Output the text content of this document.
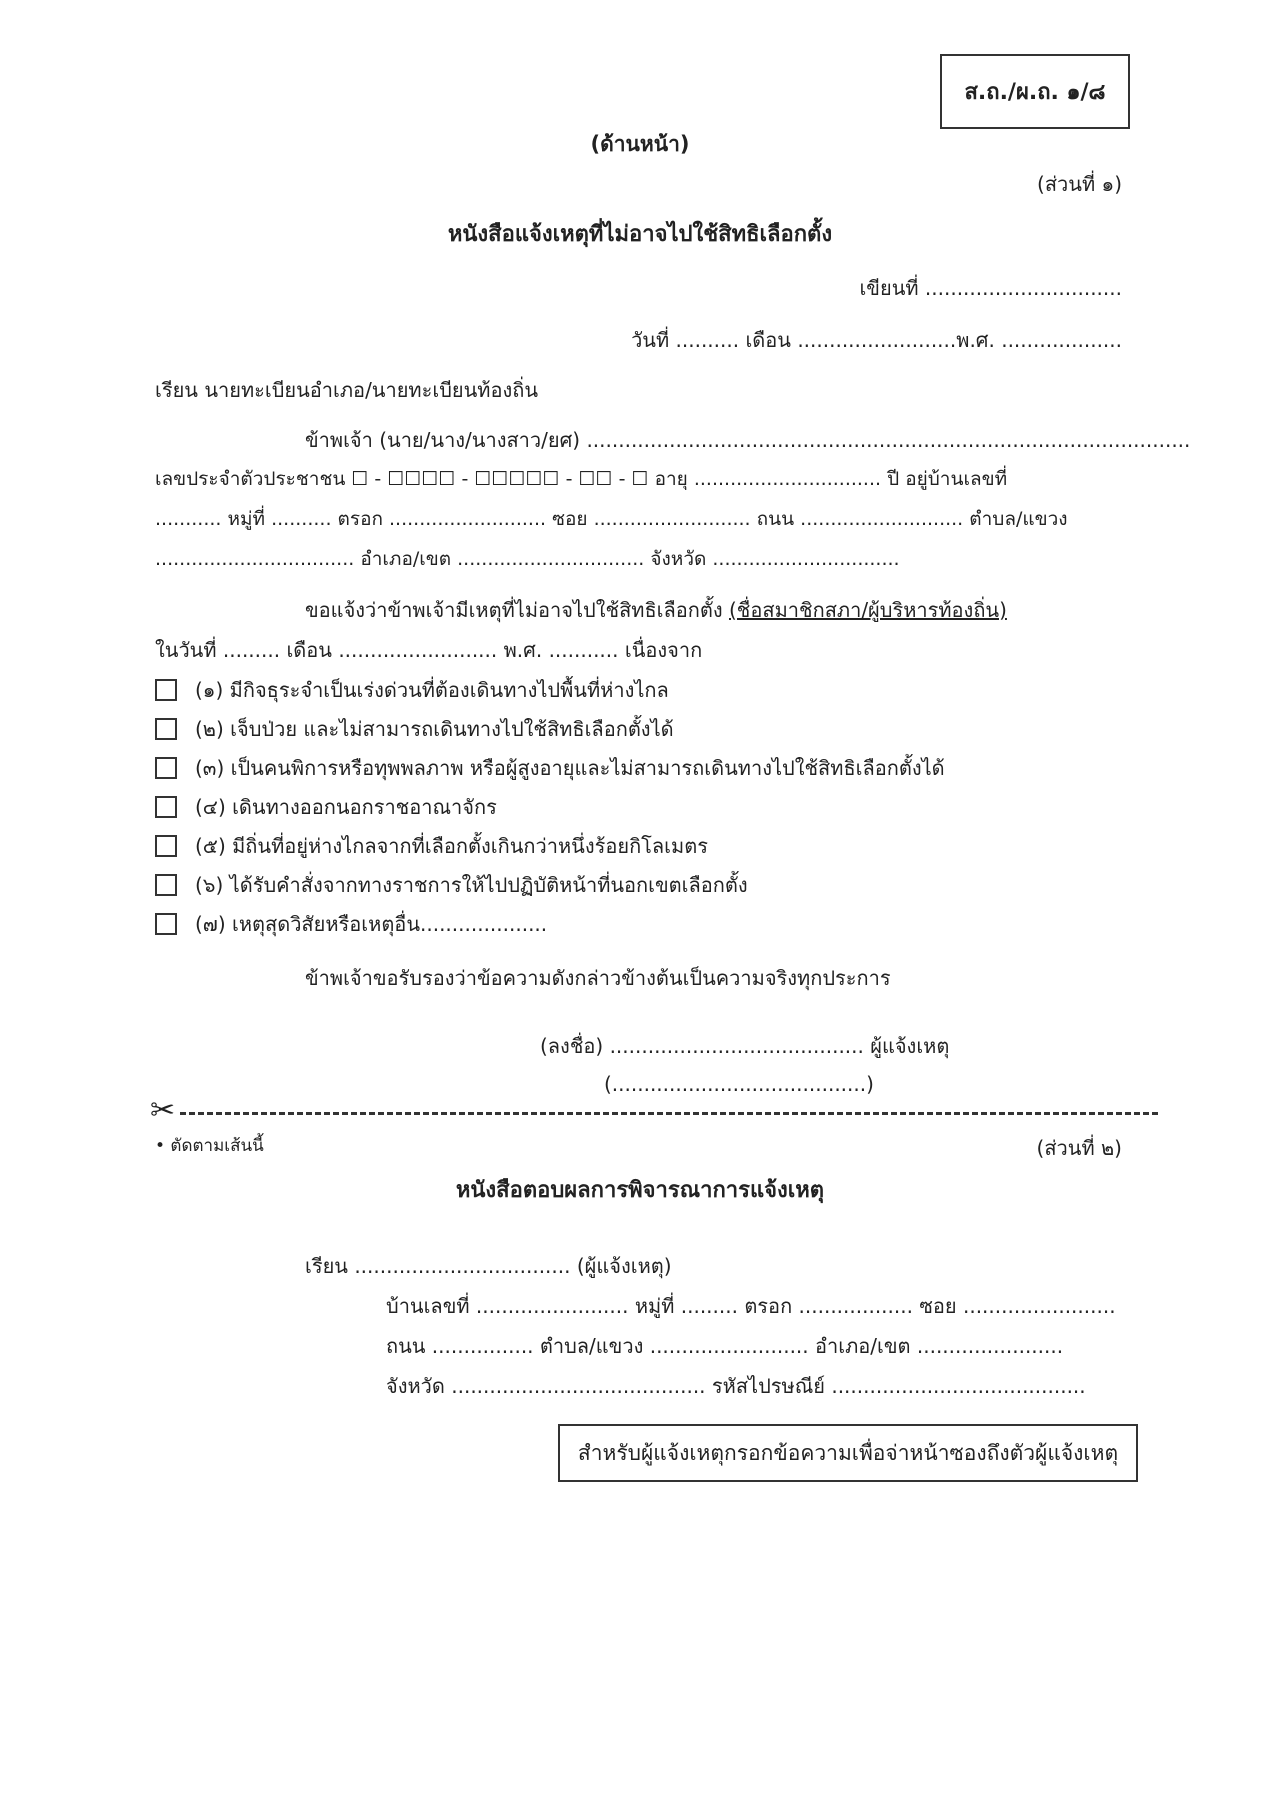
ส.ถ./ผ.ถ. ๑/๘
(ด้านหน้า)
(ส่วนที่ ๑)
หนังสือแจ้งเหตุที่ไม่อาจไปใช้สิทธิเลือกตั้ง
เขียนที่ ...............................
วันที่ .......... เดือน .........................พ.ศ. ...................
เรียน นายทะเบียนอำเภอ/นายทะเบียนท้องถิ่น
ข้าพเจ้า (นาย/นาง/นางสาว/ยศ) ...............................................................................................
เลขประจำตัวประชาชน ☐ - ☐☐☐☐ - ☐☐☐☐☐ - ☐☐ - ☐ อายุ ............................... ปี อยู่บ้านเลขที่
........... หมู่ที่ .......... ตรอก .......................... ซอย .......................... ถนน ........................... ตำบล/แขวง
................................. อำเภอ/เขต ............................... จังหวัด ...............................
ขอแจ้งว่าข้าพเจ้ามีเหตุที่ไม่อาจไปใช้สิทธิเลือกตั้ง (ชื่อสมาชิกสภา/ผู้บริหารท้องถิ่น)
ในวันที่ ......... เดือน ......................... พ.ศ. ........... เนื่องจาก
(๑) มีกิจธุระจำเป็นเร่งด่วนที่ต้องเดินทางไปพื้นที่ห่างไกล
(๒) เจ็บป่วย และไม่สามารถเดินทางไปใช้สิทธิเลือกตั้งได้
(๓) เป็นคนพิการหรือทุพพลภาพ หรือผู้สูงอายุและไม่สามารถเดินทางไปใช้สิทธิเลือกตั้งได้
(๔) เดินทางออกนอกราชอาณาจักร
(๕) มีถิ่นที่อยู่ห่างไกลจากที่เลือกตั้งเกินกว่าหนึ่งร้อยกิโลเมตร
(๖) ได้รับคำสั่งจากทางราชการให้ไปปฏิบัติหน้าที่นอกเขตเลือกตั้ง
(๗) เหตุสุดวิสัยหรือเหตุอื่น....................
ข้าพเจ้าขอรับรองว่าข้อความดังกล่าวข้างต้นเป็นความจริงทุกประการ
(ลงชื่อ) ........................................ ผู้แจ้งเหตุ
(........................................)
✂
• ตัดตามเส้นนี้	(ส่วนที่ ๒)
หนังสือตอบผลการพิจารณาการแจ้งเหตุ
เรียน .................................. (ผู้แจ้งเหตุ)
บ้านเลขที่ ........................ หมู่ที่ ......... ตรอก .................. ซอย ........................
ถนน ................ ตำบล/แขวง ......................... อำเภอ/เขต .......................
จังหวัด ........................................ รหัสไปรษณีย์ ........................................
สำหรับผู้แจ้งเหตุกรอกข้อความเพื่อจ่าหน้าซองถึงตัวผู้แจ้งเหตุ
